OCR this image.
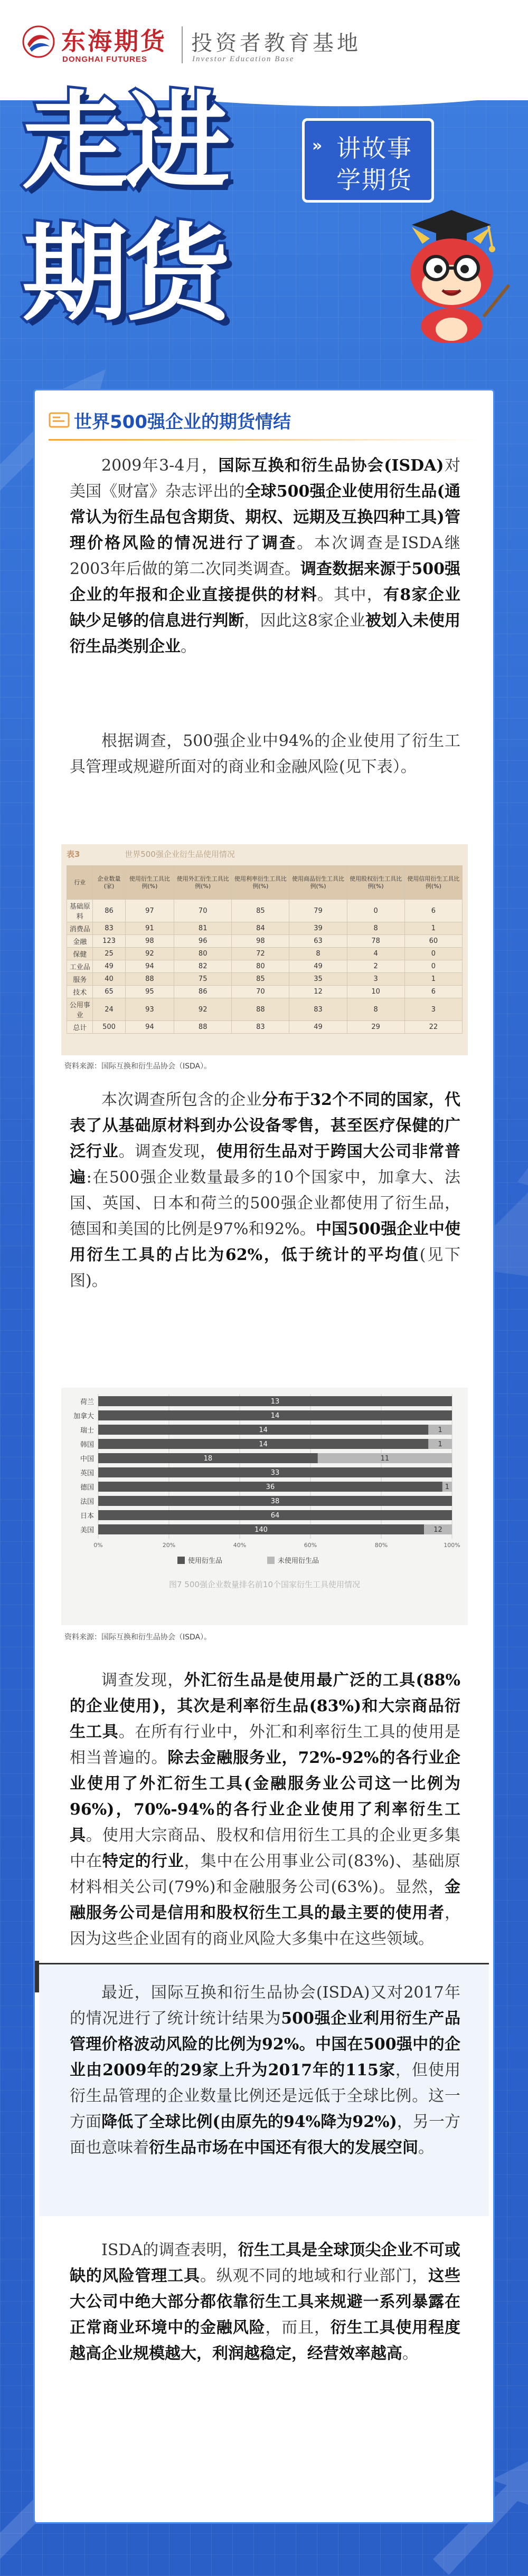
东海期货
DONGHAI FUTURES
投资者教育基地
Investor Education Base
走进
期货
» 讲故事
学期货
世界500强企业的期货情结
2009年3-4月，国际互换和衍生品协会(ISDA)对美国《财富》杂志评出的全球500强企业使用衍生品(通常认为衍生品包含期货、期权、远期及互换四种工具)管理价格风险的情况进行了调查。本次调查是ISDA继2003年后做的第二次同类调查。调查数据来源于500强企业的年报和企业直接提供的材料。其中，有8家企业缺少足够的信息进行判断，因此这8家企业被划入未使用衍生品类别企业。
根据调查，500强企业中94%的企业使用了衍生工具管理或规避所面对的商业和金融风险(见下表）。
表3	世界500强企业衍生品使用情况
行业	企业数量(家)	使用衍生工具比例(%)	使用外汇衍生工具比例(%)	使用利率衍生工具比例(%)	使用商品衍生工具比例(%)	使用股权衍生工具比例(%)	使用信用衍生工具比例(%)
基础原料	86	97	70	85	79	0	6
消费品	83	91	81	84	39	8	1
金融	123	98	96	98	63	78	60
保健	25	92	80	72	8	4	0
工业品	49	94	82	80	49	2	0
服务	40	88	75	85	35	3	1
技术	65	95	86	70	12	10	6
公用事业	24	93	92	88	83	8	3
总计	500	94	88	83	49	29	22
资料来源：国际互换和衍生品协会（ISDA）。
本次调查所包含的企业分布于32个不同的国家，代表了从基础原材料到办公设备零售，甚至医疗保健的广泛行业。调查发现，使用衍生品对于跨国大公司非常普遍:在500强企业数量最多的10个国家中，加拿大、法国、英国、日本和荷兰的500强企业都使用了衍生品，德国和美国的比例是97%和92%。中国500强企业中使用衍生工具的占比为62%，低于统计的平均值(见下图)。
荷兰	13
加拿大	14
瑞士	14	1
韩国	14	1
中国	18	11
英国	33
德国	36	1
法国	38
日本	64
美国	140	12
0%	20%	40%	60%	80%	100%
使用衍生品	未使用衍生品
图7 500强企业数量排名前10个国家衍生工具使用情况
资料来源：国际互换和衍生品协会（ISDA）。
调查发现，外汇衍生品是使用最广泛的工具(88%的企业使用)，其次是利率衍生品(83%)和大宗商品衍生工具。在所有行业中，外汇和利率衍生工具的使用是相当普遍的。除去金融服务业，72%-92%的各行业企业使用了外汇衍生工具(金融服务业公司这一比例为96%)，70%-94%的各行业企业使用了利率衍生工具。使用大宗商品、股权和信用衍生工具的企业更多集中在特定的行业，集中在公用事业公司(83%)、基础原材料相关公司(79%)和金融服务公司(63%)。显然，金融服务公司是信用和股权衍生工具的最主要的使用者，因为这些企业固有的商业风险大多集中在这些领域。
最近，国际互换和衍生品协会(ISDA)又对2017年的情况进行了统计统计结果为500强企业利用衍生产品管理价格波动风险的比例为92%。中国在500强中的企业由2009年的29家上升为2017年的115家，但使用衍生品管理的企业数量比例还是远低于全球比例。这一方面降低了全球比例(由原先的94%降为92%)，另一方面也意味着衍生品市场在中国还有很大的发展空间。
ISDA的调查表明，衍生工具是全球顶尖企业不可或缺的风险管理工具。纵观不同的地域和行业部门，这些大公司中绝大部分都依靠衍生工具来规避一系列暴露在正常商业环境中的金融风险，而且，衍生工具使用程度越高企业规模越大，利润越稳定，经营效率越高。
